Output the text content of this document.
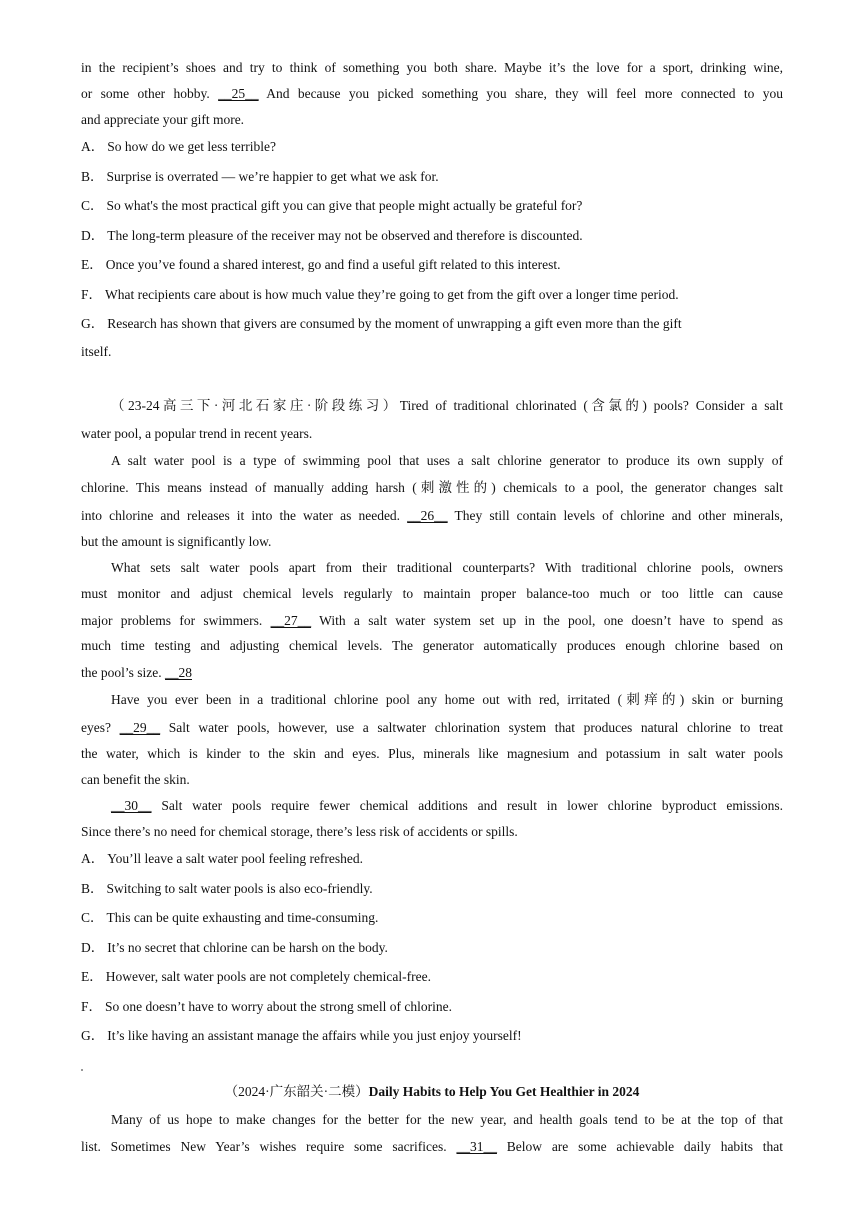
in the recipient’s shoes and try to think of something you both share. Maybe it’s the love for a sport, drinking wine,
or some other hobby. __25__ And because you picked something you share, they will feel more connected to you
and appreciate your gift more.
A． So how do we get less terrible?
B． Surprise is overrated — we’re happier to get what we ask for.
C． So what's the most practical gift you can give that people might actually be grateful for?
D． The long-term pleasure of the receiver may not be observed and therefore is discounted.
E． Once you’ve found a shared interest, go and find a useful gift related to this interest.
F． What recipients care about is how much value they’re going to get from the gift over a longer time period.
G． Research has shown that givers are consumed by the moment of unwrapping a gift even more than the gift
itself.
（23-24高三下·河北石家庄·阶段练习）Tired of traditional chlorinated (含氯的) pools? Consider a salt
water pool, a popular trend in recent years.
A salt water pool is a type of swimming pool that uses a salt chlorine generator to produce its own supply of
chlorine. This means instead of manually adding harsh (刺激性的) chemicals to a pool, the generator changes salt
into chlorine and releases it into the water as needed. __26__ They still contain levels of chlorine and other minerals,
but the amount is significantly low.
What sets salt water pools apart from their traditional counterparts? With traditional chlorine pools, owners
must monitor and adjust chemical levels regularly to maintain proper balance-too much or too little can cause
major problems for swimmers. __27__ With a salt water system set up in the pool, one doesn’t have to spend as
much time testing and adjusting chemical levels. The generator automatically produces enough chlorine based on
the pool’s size. __28
Have you ever been in a traditional chlorine pool any home out with red, irritated (刺痒的) skin or burning
eyes? __29__ Salt water pools, however, use a saltwater chlorination system that produces natural chlorine to treat
the water, which is kinder to the skin and eyes. Plus, minerals like magnesium and potassium in salt water pools
can benefit the skin.
__30__ Salt water pools require fewer chemical additions and result in lower chlorine byproduct emissions.
Since there’s no need for chemical storage, there’s less risk of accidents or spills.
A． You’ll leave a salt water pool feeling refreshed.
B． Switching to salt water pools is also eco-friendly.
C． This can be quite exhausting and time-consuming.
D． It’s no secret that chlorine can be harsh on the body.
E． However, salt water pools are not completely chemical-free.
F． So one doesn’t have to worry about the strong smell of chlorine.
G． It’s like having an assistant manage the affairs while you just enjoy yourself!
（2024·广东韶关·二模）Daily Habits to Help You Get Healthier in 2024
Many of us hope to make changes for the better for the new year, and health goals tend to be at the top of that
list. Sometimes New Year’s wishes require some sacrifices. __31__ Below are some achievable daily habits that
